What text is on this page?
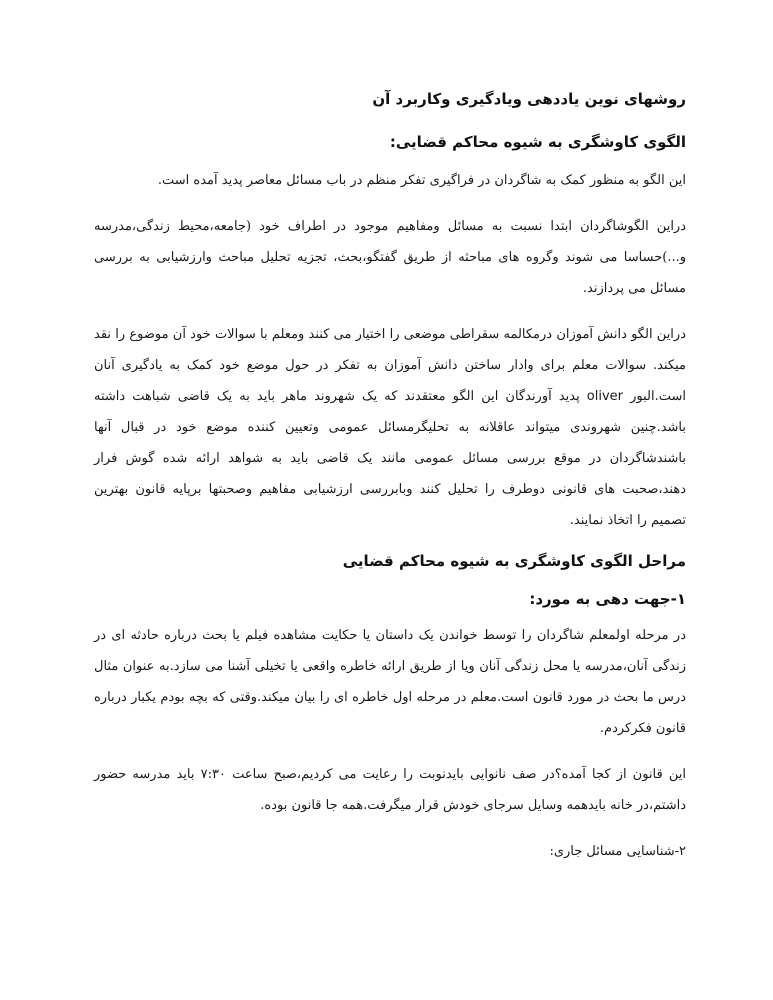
روشهای نوین یاددهی ویادگیری وکاربرد آن
الگوی کاوشگری به شیوه محاکم قضایی:

این الگو به منظور کمک به شاگردان در فراگیری تفکر منظم در باب مسائل معاصر پدید آمده است.

دراین الگوشاگردان ابتدا نسبت به مسائل ومفاهیم موجود در اطراف خود (جامعه،محیط زندگی،مدرسه و...)حساسا می شوند وگروه های مباحثه از طریق گفتگو،بحث، تجزیه تحلیل مباحث وارزشیابی به بررسی مسائل می پردازند.

دراین الگو دانش آموزان درمکالمه سقراطی موضعی را اختیار می کنند ومعلم با سوالات خود آن موضوع را نقد میکند. سوالات معلم برای وادار ساختن دانش آموزان به تفکر در حول موضع خود کمک به یادگیری آنان است.البور oliver پدید آورندگان این الگو معتقدند که یک شهروند ماهر باید به یک قاضی شباهت داشته باشد.چنین شهروندی میتواند عاقلانه به تحلیگرمسائل عمومی وتعیین کننده موضع خود در قبال آنها باشندشاگردان در موقع بررسی مسائل عمومی مانند یک قاضی باید به شواهد ارائه شده گوش فرار دهند،صحبت های قانونی دوطرف را تحلیل کنند وبابررسی ارزشیابی مفاهیم وصحبتها برپایه قانون بهترین تصمیم را اتخاذ نمایند.

مراحل الگوی کاوشگری به شیوه محاکم قضایی
۱-جهت دهی به مورد:

در مرحله اولمعلم شاگردان را توسط خواندن یک داستان یا حکایت مشاهده فیلم یا بحث درباره حادثه ای در زندگی آنان،مدرسه یا محل زندگی آنان ویا از طریق ارائه خاطره واقعی یا تخیلی آشنا می سازد.به عنوان مثال درس ما بحث در مورد قانون است.معلم در مرحله اول خاطره ای را بیان میکند.وقتی که بچه بودم یکبار درباره قانون فکرکردم.

این قانون از کجا آمده؟در صف نانوایی بایدنوبت را رعایت می کردیم،صبح ساعت ۷:۳۰ باید مدرسه حضور داشتم،در خانه بایدهمه وسایل سرجای خودش قرار میگرفت.همه جا قانون بوده.

۲-شناسایی مسائل جاری:
